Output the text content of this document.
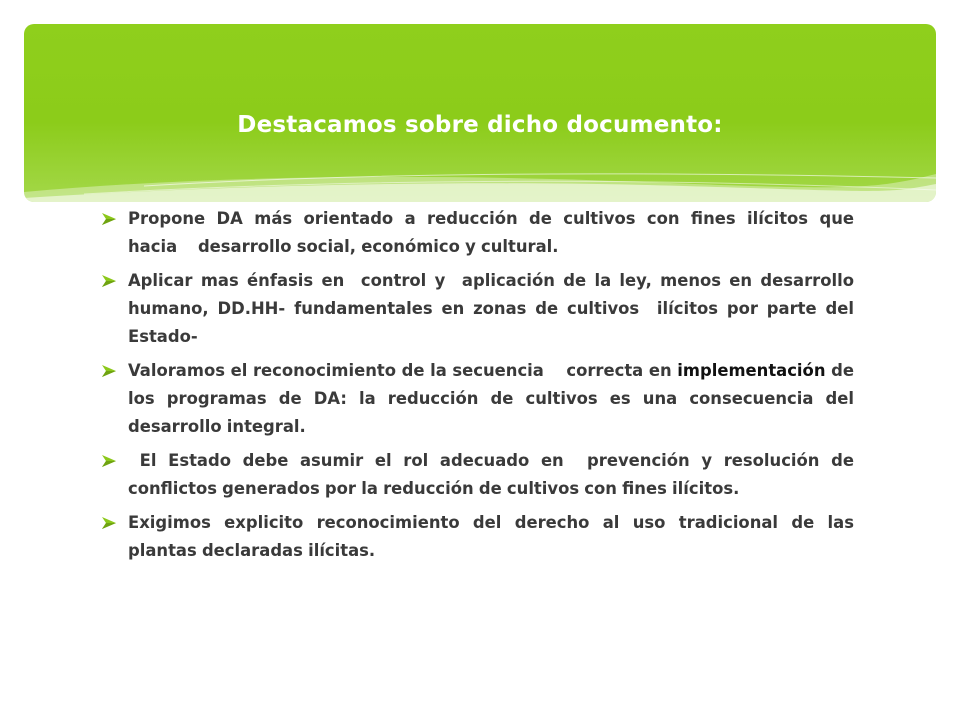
Destacamos sobre dicho documento:
Propone DA más orientado a reducción de cultivos con fines ilícitos que hacia    desarrollo social, económico y cultural.
Aplicar mas énfasis en  control y  aplicación de la ley, menos en desarrollo humano, DD.HH- fundamentales en zonas de cultivos  ilícitos por parte del Estado-
Valoramos el reconocimiento de la secuencia    correcta en implementación de los programas de DA: la reducción de cultivos es una consecuencia del desarrollo integral.
El Estado debe asumir el rol adecuado en  prevención y resolución de conflictos generados por la reducción de cultivos con fines ilícitos.
Exigimos explicito reconocimiento del derecho al uso tradicional de las plantas declaradas ilícitas.
